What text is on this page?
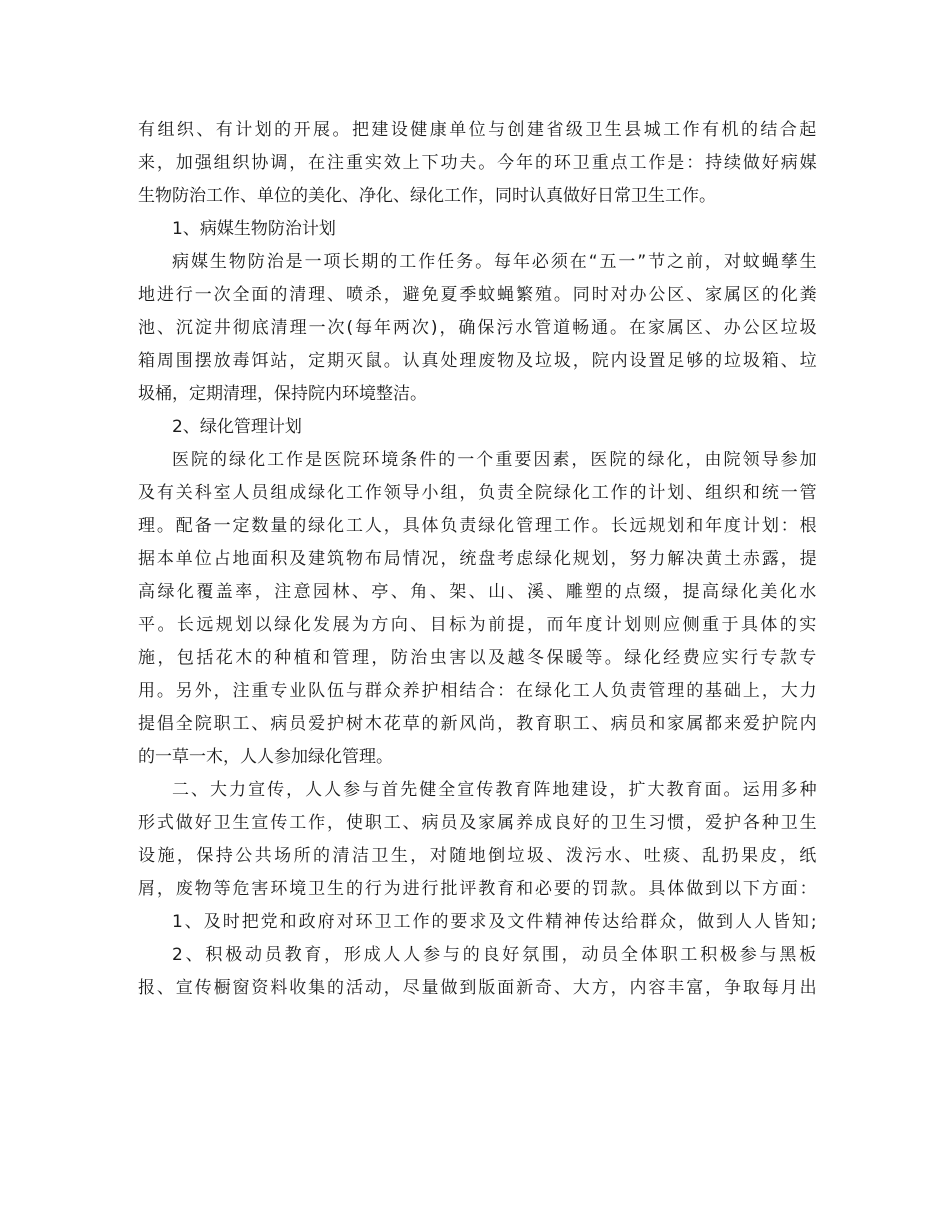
有组织、有计划的开展。把建设健康单位与创建省级卫生县城工作有机的结合起
来，加强组织协调，在注重实效上下功夫。今年的环卫重点工作是：持续做好病媒
生物防治工作、单位的美化、净化、绿化工作，同时认真做好日常卫生工作。
1、病媒生物防治计划
病媒生物防治是一项长期的工作任务。每年必须在“五一”节之前，对蚊蝇孳生
地进行一次全面的清理、喷杀，避免夏季蚊蝇繁殖。同时对办公区、家属区的化粪
池、沉淀井彻底清理一次(每年两次)，确保污水管道畅通。在家属区、办公区垃圾
箱周围摆放毒饵站，定期灭鼠。认真处理废物及垃圾，院内设置足够的垃圾箱、垃
圾桶，定期清理，保持院内环境整洁。
2、绿化管理计划
医院的绿化工作是医院环境条件的一个重要因素，医院的绿化，由院领导参加
及有关科室人员组成绿化工作领导小组，负责全院绿化工作的计划、组织和统一管
理。配备一定数量的绿化工人，具体负责绿化管理工作。长远规划和年度计划：根
据本单位占地面积及建筑物布局情况，统盘考虑绿化规划，努力解决黄土赤露，提
高绿化覆盖率，注意园林、亭、角、架、山、溪、雕塑的点缀，提高绿化美化水
平。长远规划以绿化发展为方向、目标为前提，而年度计划则应侧重于具体的实
施，包括花木的种植和管理，防治虫害以及越冬保暖等。绿化经费应实行专款专
用。另外，注重专业队伍与群众养护相结合：在绿化工人负责管理的基础上，大力
提倡全院职工、病员爱护树木花草的新风尚，教育职工、病员和家属都来爱护院内
的一草一木，人人参加绿化管理。
二、大力宣传，人人参与首先健全宣传教育阵地建设，扩大教育面。运用多种
形式做好卫生宣传工作，使职工、病员及家属养成良好的卫生习惯，爱护各种卫生
设施，保持公共场所的清洁卫生，对随地倒垃圾、泼污水、吐痰、乱扔果皮，纸
屑，废物等危害环境卫生的行为进行批评教育和必要的罚款。具体做到以下方面：
1、及时把党和政府对环卫工作的要求及文件精神传达给群众，做到人人皆知;
2、积极动员教育，形成人人参与的良好氛围，动员全体职工积极参与黑板
报、宣传橱窗资料收集的活动，尽量做到版面新奇、大方，内容丰富，争取每月出
